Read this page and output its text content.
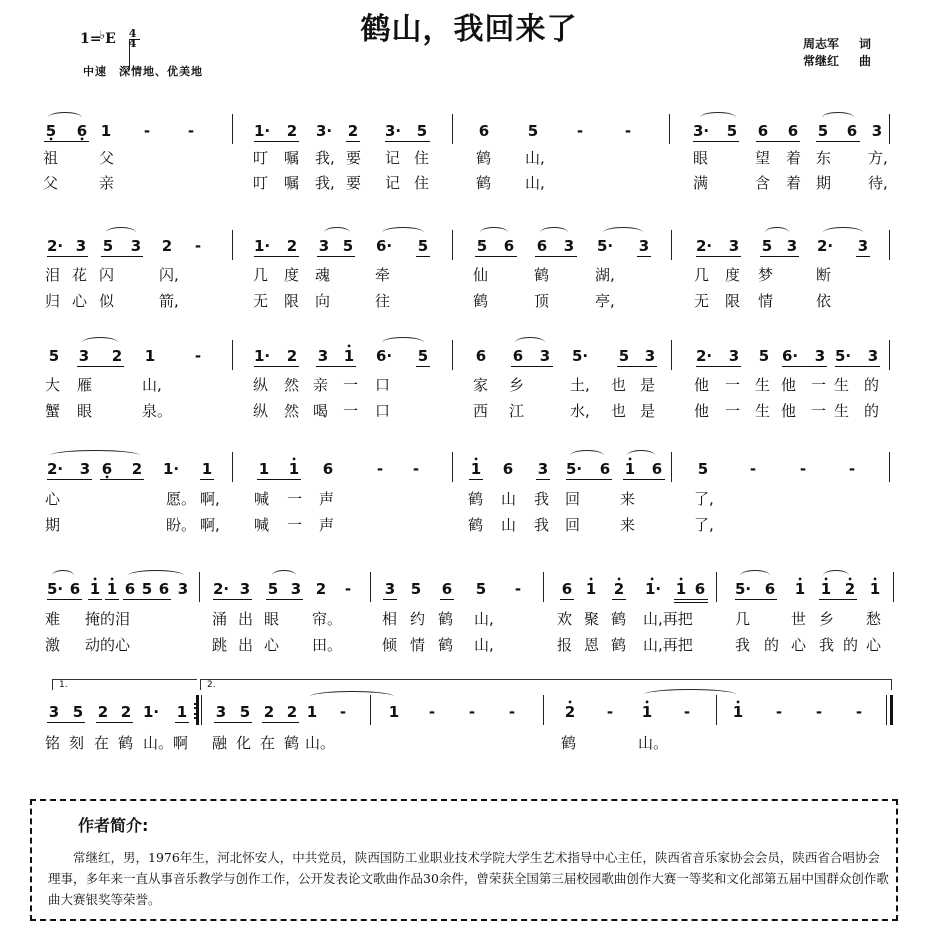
1=♭E 4
4	鹤山，我回来了
中速　深情地、优美地
周志军 词
常继红 曲
5 • 6 • 1 -	-	1· 2 3· 2 3· 5	6	5	-	-	3· 5 6 6 5 6 3
祖	父	叮 嘱 我, 要 记 住	鹤 山,	眼	望 着 东 方,
父	亲	叮 嘱 我, 要 记 住	鹤 山,	满	含 着 期 待,
2· 3 5 3 2 -	1· 2 3 5 6· 5	5 6 6 3 5· 3	2· 3 5 3 2· 3
泪 花 闪	闪,	几 度 魂	牵	仙	鹤	湖,	几 度 梦	断
归 心 似	箭,	无 限 向	往	鹤	顶	亭,	无 限 情	依
5 3 2 1	-	1· 2 3 • 1 6· 5	6 6 3 5· 5 3	2· 3 5 6· 3 5· 3
大 雁	山,	纵 然 亲 一 口	家 乡	土, 也 是	他 一 生 他 一 生 的
蟹 眼	泉。	纵 然 喝 一 口	西 江	水, 也 是	他 一 生 他 一 生 的
2· 3 6 • 2 1· 1	1 • 1 6	- -	• 1 6 3 5· 6 • 1 6 5	-	-	-
心	愿。 啊, 喊 一 声	鹤 山 我 回	来	了,
期	盼。 啊, 喊 一 声	鹤 山 我 回	来	了,
5· 6 • 1 • 1 6 5 6 3 2· 3 5 3 2 - 3 5 6 5 -	6 • 1 • 2 • 1· • 1 6 5· 6 • 1 • 1 • 2 • 1
难 掩的泪	涌 出 眼 帘。	相 约 鹤 山,	欢 聚 鹤 山,再把	几	世 乡 愁
激 动的心	跳 出 心 田。	倾 情 鹤 山,	报 恩 鹤 山,再把	我 的 心 我 的 心
1.	2.
3 5 2 2 1· 1 :
:	3 5 2 2 1 -	1 - - -	• 2 - • 1 -	• 1 - - -
铭 刻 在 鹤 山。啊 融 化 在 鹤 山。	鹤	山。
作者简介:
常继红，男，1976年生，河北怀安人，中共党员，陕西国防工业职业技术学院大学生艺术指导中心主任，陕西省音乐家协会会员，陕西省合唱协会理事，多年来一直从事音乐教学与创作工作，公开发表论文歌曲作品30余件，曾荣获全国第三届校园歌曲创作大赛一等奖和文化部第五届中国群众创作歌曲大赛银奖等荣誉。
